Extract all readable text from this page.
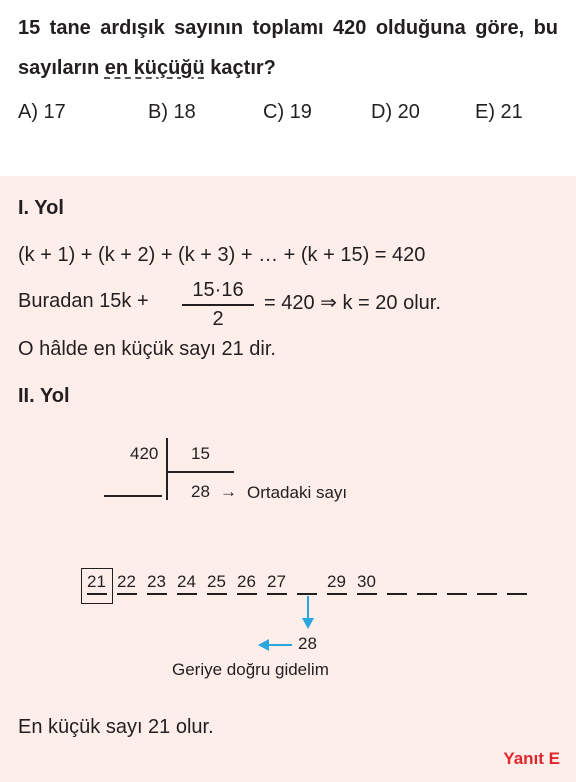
15 tane ardışık sayının toplamı 420 olduğuna göre, bu sayıların en küçüğü kaçtır?
A) 17	B) 18	C) 19	D) 20	E) 21
I. Yol
(k + 1) + (k + 2) + (k + 3) + … + (k + 15) = 420
Buradan 15k +	15·16
2
= 420 ⇒ k = 20 olur.
O hâlde en küçük sayı 21 dir.
II. Yol
420 15
28 → Ortadaki sayı
21 22 23 24 25 26 27 29 30
28
Geriye doğru gidelim
En küçük sayı 21 olur.
Yanıt E
